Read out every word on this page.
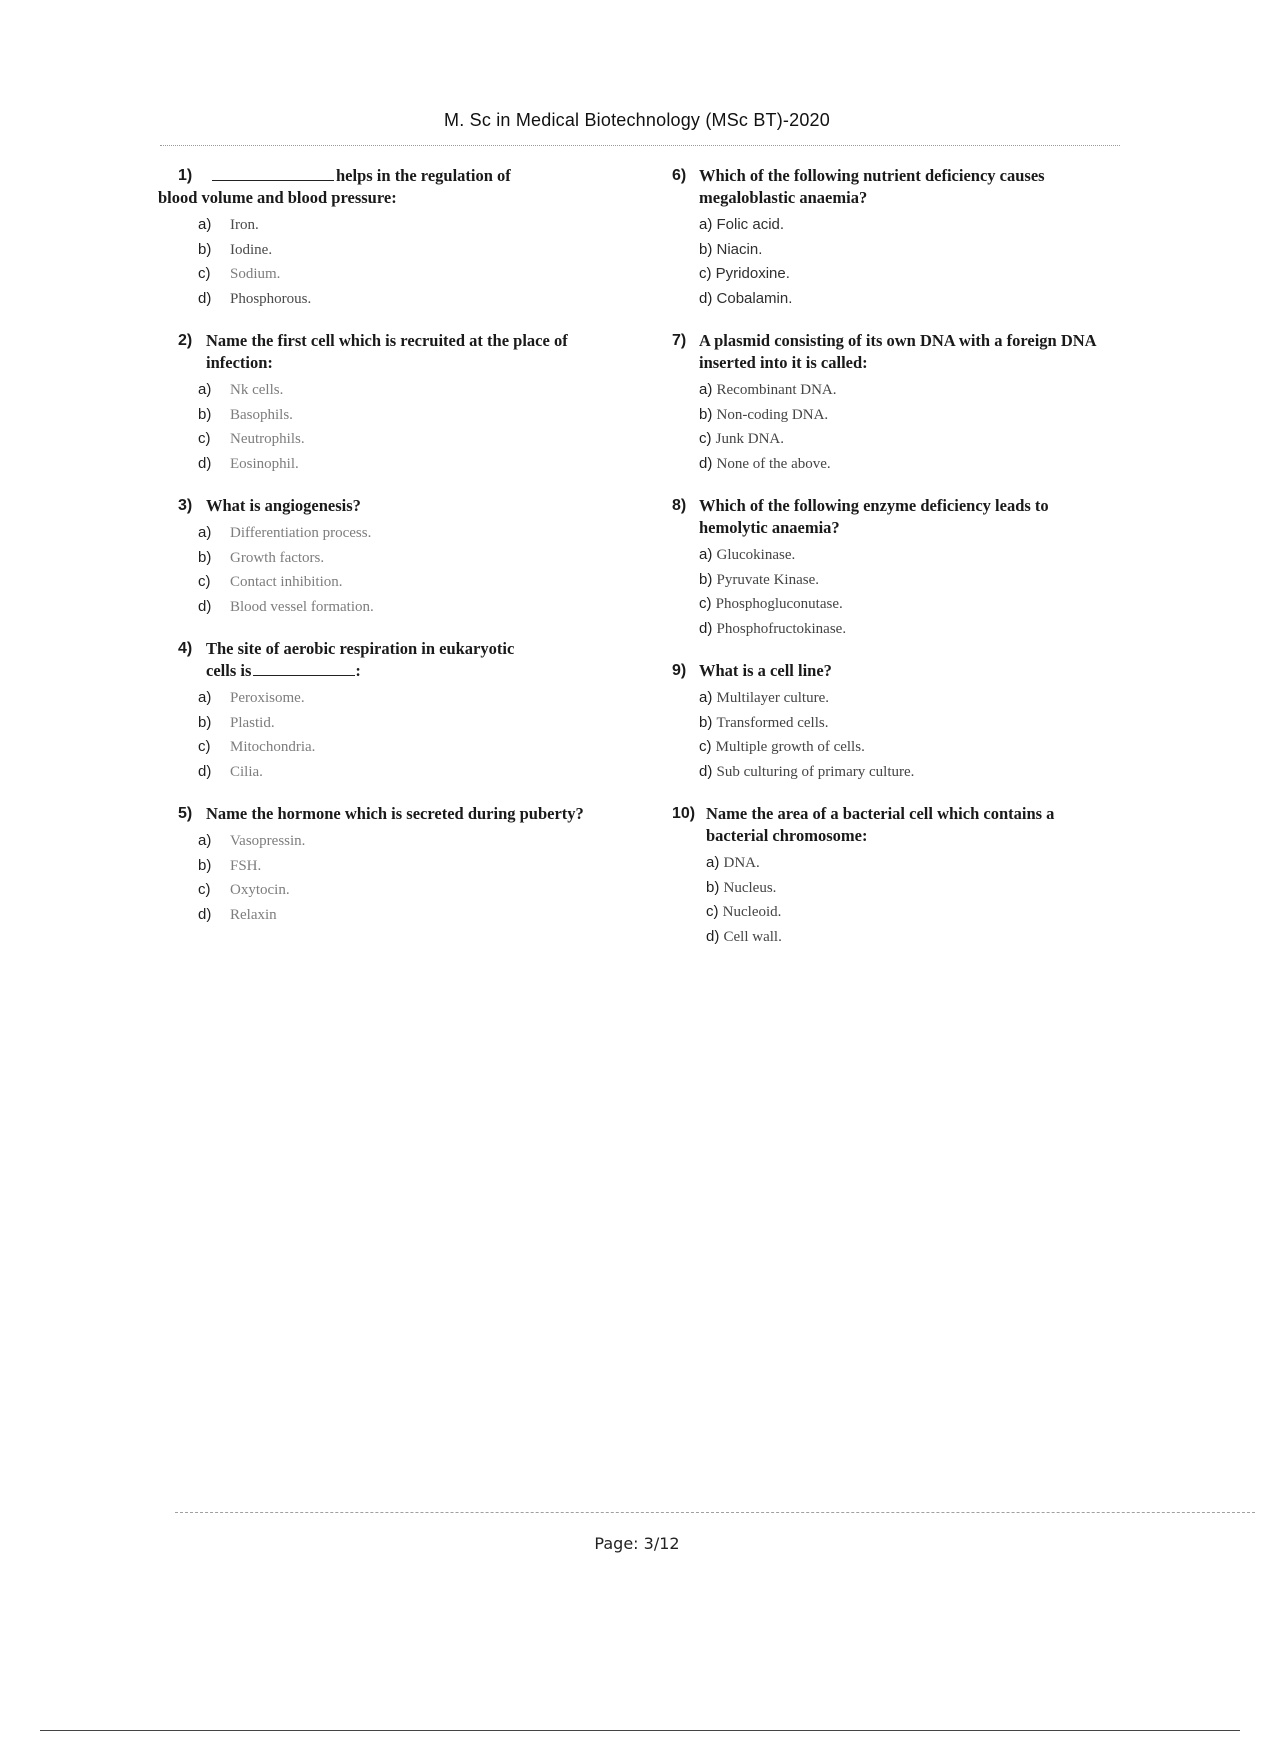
M. Sc in Medical Biotechnology (MSc BT)-2020
1)	helps in the regulation of
blood volume and blood pressure:
a) Iron.
b) Iodine.
c) Sodium.
d) Phosphorous.
2) Name the first cell which is recruited at the place of infection:
a) Nk cells.
b) Basophils.
c) Neutrophils.
d) Eosinophil.
3) What is angiogenesis?
a) Differentiation process.
b) Growth factors.
c) Contact inhibition.
d) Blood vessel formation.
4) The site of aerobic respiration in eukaryotic
cells is	:
a) Peroxisome.
b) Plastid.
c) Mitochondria.
d) Cilia.
5) Name the hormone which is secreted during puberty?
a) Vasopressin.
b) FSH.
c) Oxytocin.
d) Relaxin
6) Which of the following nutrient deficiency causes megaloblastic anaemia?
a) Folic acid.
b) Niacin.
c) Pyridoxine.
d) Cobalamin.
7) A plasmid consisting of its own DNA with a foreign DNA inserted into it is called:
a) Recombinant DNA.
b) Non-coding DNA.
c) Junk DNA.
d) None of the above.
8) Which of the following enzyme deficiency leads to hemolytic anaemia?
a) Glucokinase.
b) Pyruvate Kinase.
c) Phosphogluconutase.
d) Phosphofructokinase.
9) What is a cell line?
a) Multilayer culture.
b) Transformed cells.
c) Multiple growth of cells.
d) Sub culturing of primary culture.
10) Name the area of a bacterial cell which contains a bacterial chromosome:
a) DNA.
b) Nucleus.
c) Nucleoid.
d) Cell wall.
Page: 3/12
